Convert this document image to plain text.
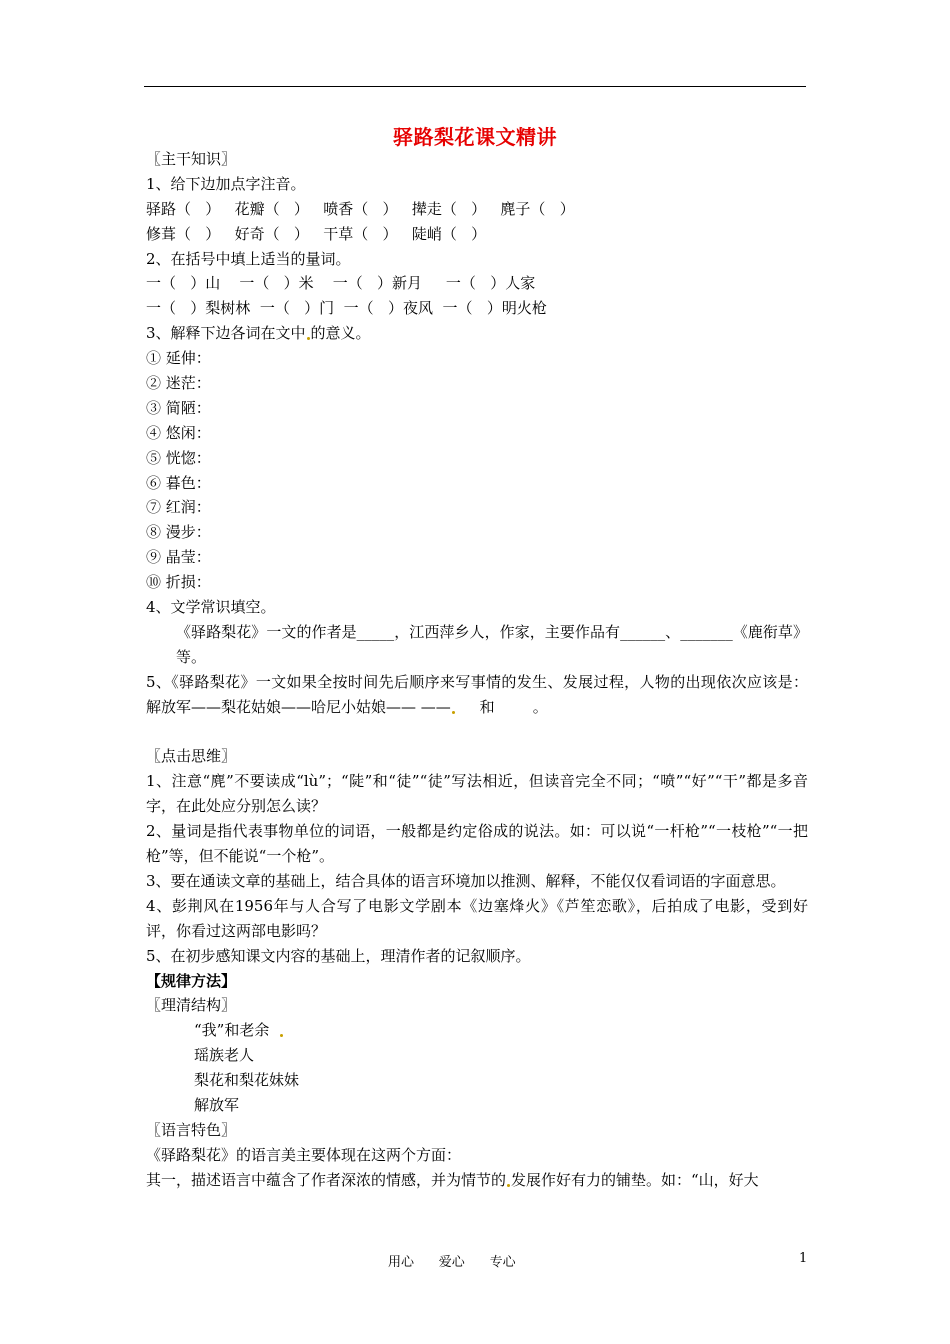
驿路梨花课文精讲
〖主干知识〗
1、给下边加点字注音。
驿路（   ）   花瓣（   ）   喷香（   ）   撵走（   ）   麂子（   ）
修葺（   ）   好奇（   ）   干草（   ）   陡峭（   ）
2、在括号中填上适当的量词。
一（   ）山    一（   ）米    一（   ）新月     一（   ）人家
一（   ）梨树林  一（   ）门  一（   ）夜风  一（   ）明火枪
3、解释下边各词在文中 的意义。
① 延伸：
② 迷茫：
③ 简陋：
④ 悠闲：
⑤ 恍惚：
⑥ 暮色：
⑦ 红润：
⑧ 漫步：
⑨ 晶莹：
⑩ 折损：
4、文学常识填空。
《驿路梨花》一文的作者是_____，江西萍乡人，作家，主要作品有______、_______《鹿衔草》等。
5、《驿路梨花》一文如果全按时间先后顺序来写事情的发生、发展过程，人物的出现依次应该是：解放军——梨花姑娘——哈尼小姑娘—— ——     和        。
〖点击思维〗
1、注意“麂”不要读成“lù”；“陡”和“徒”“徒”写法相近，但读音完全不同；“喷”“好”“干”都是多音字，在此处应分别怎么读？
2、量词是指代表事物单位的词语，一般都是约定俗成的说法。如：可以说“一杆枪”“一枝枪”“一把枪”等，但不能说“一个枪”。
3、要在通读文章的基础上，结合具体的语言环境加以推测、解释，不能仅仅看词语的字面意思。
4、彭荆风在1956年与人合写了电影文学剧本《边塞烽火》《芦笙恋歌》，后拍成了电影，受到好评，你看过这两部电影吗？
5、在初步感知课文内容的基础上，理清作者的记叙顺序。
【规律方法】
〖理清结构〗
“我”和老余
瑶族老人
梨花和梨花妹妹
解放军
〖语言特色〗
《驿路梨花》的语言美主要体现在这两个方面：
其一，描述语言中蕴含了作者深浓的情感，并为情节的 发展作好有力的铺垫。如：“山，好大
用心      爱心      专心	1
